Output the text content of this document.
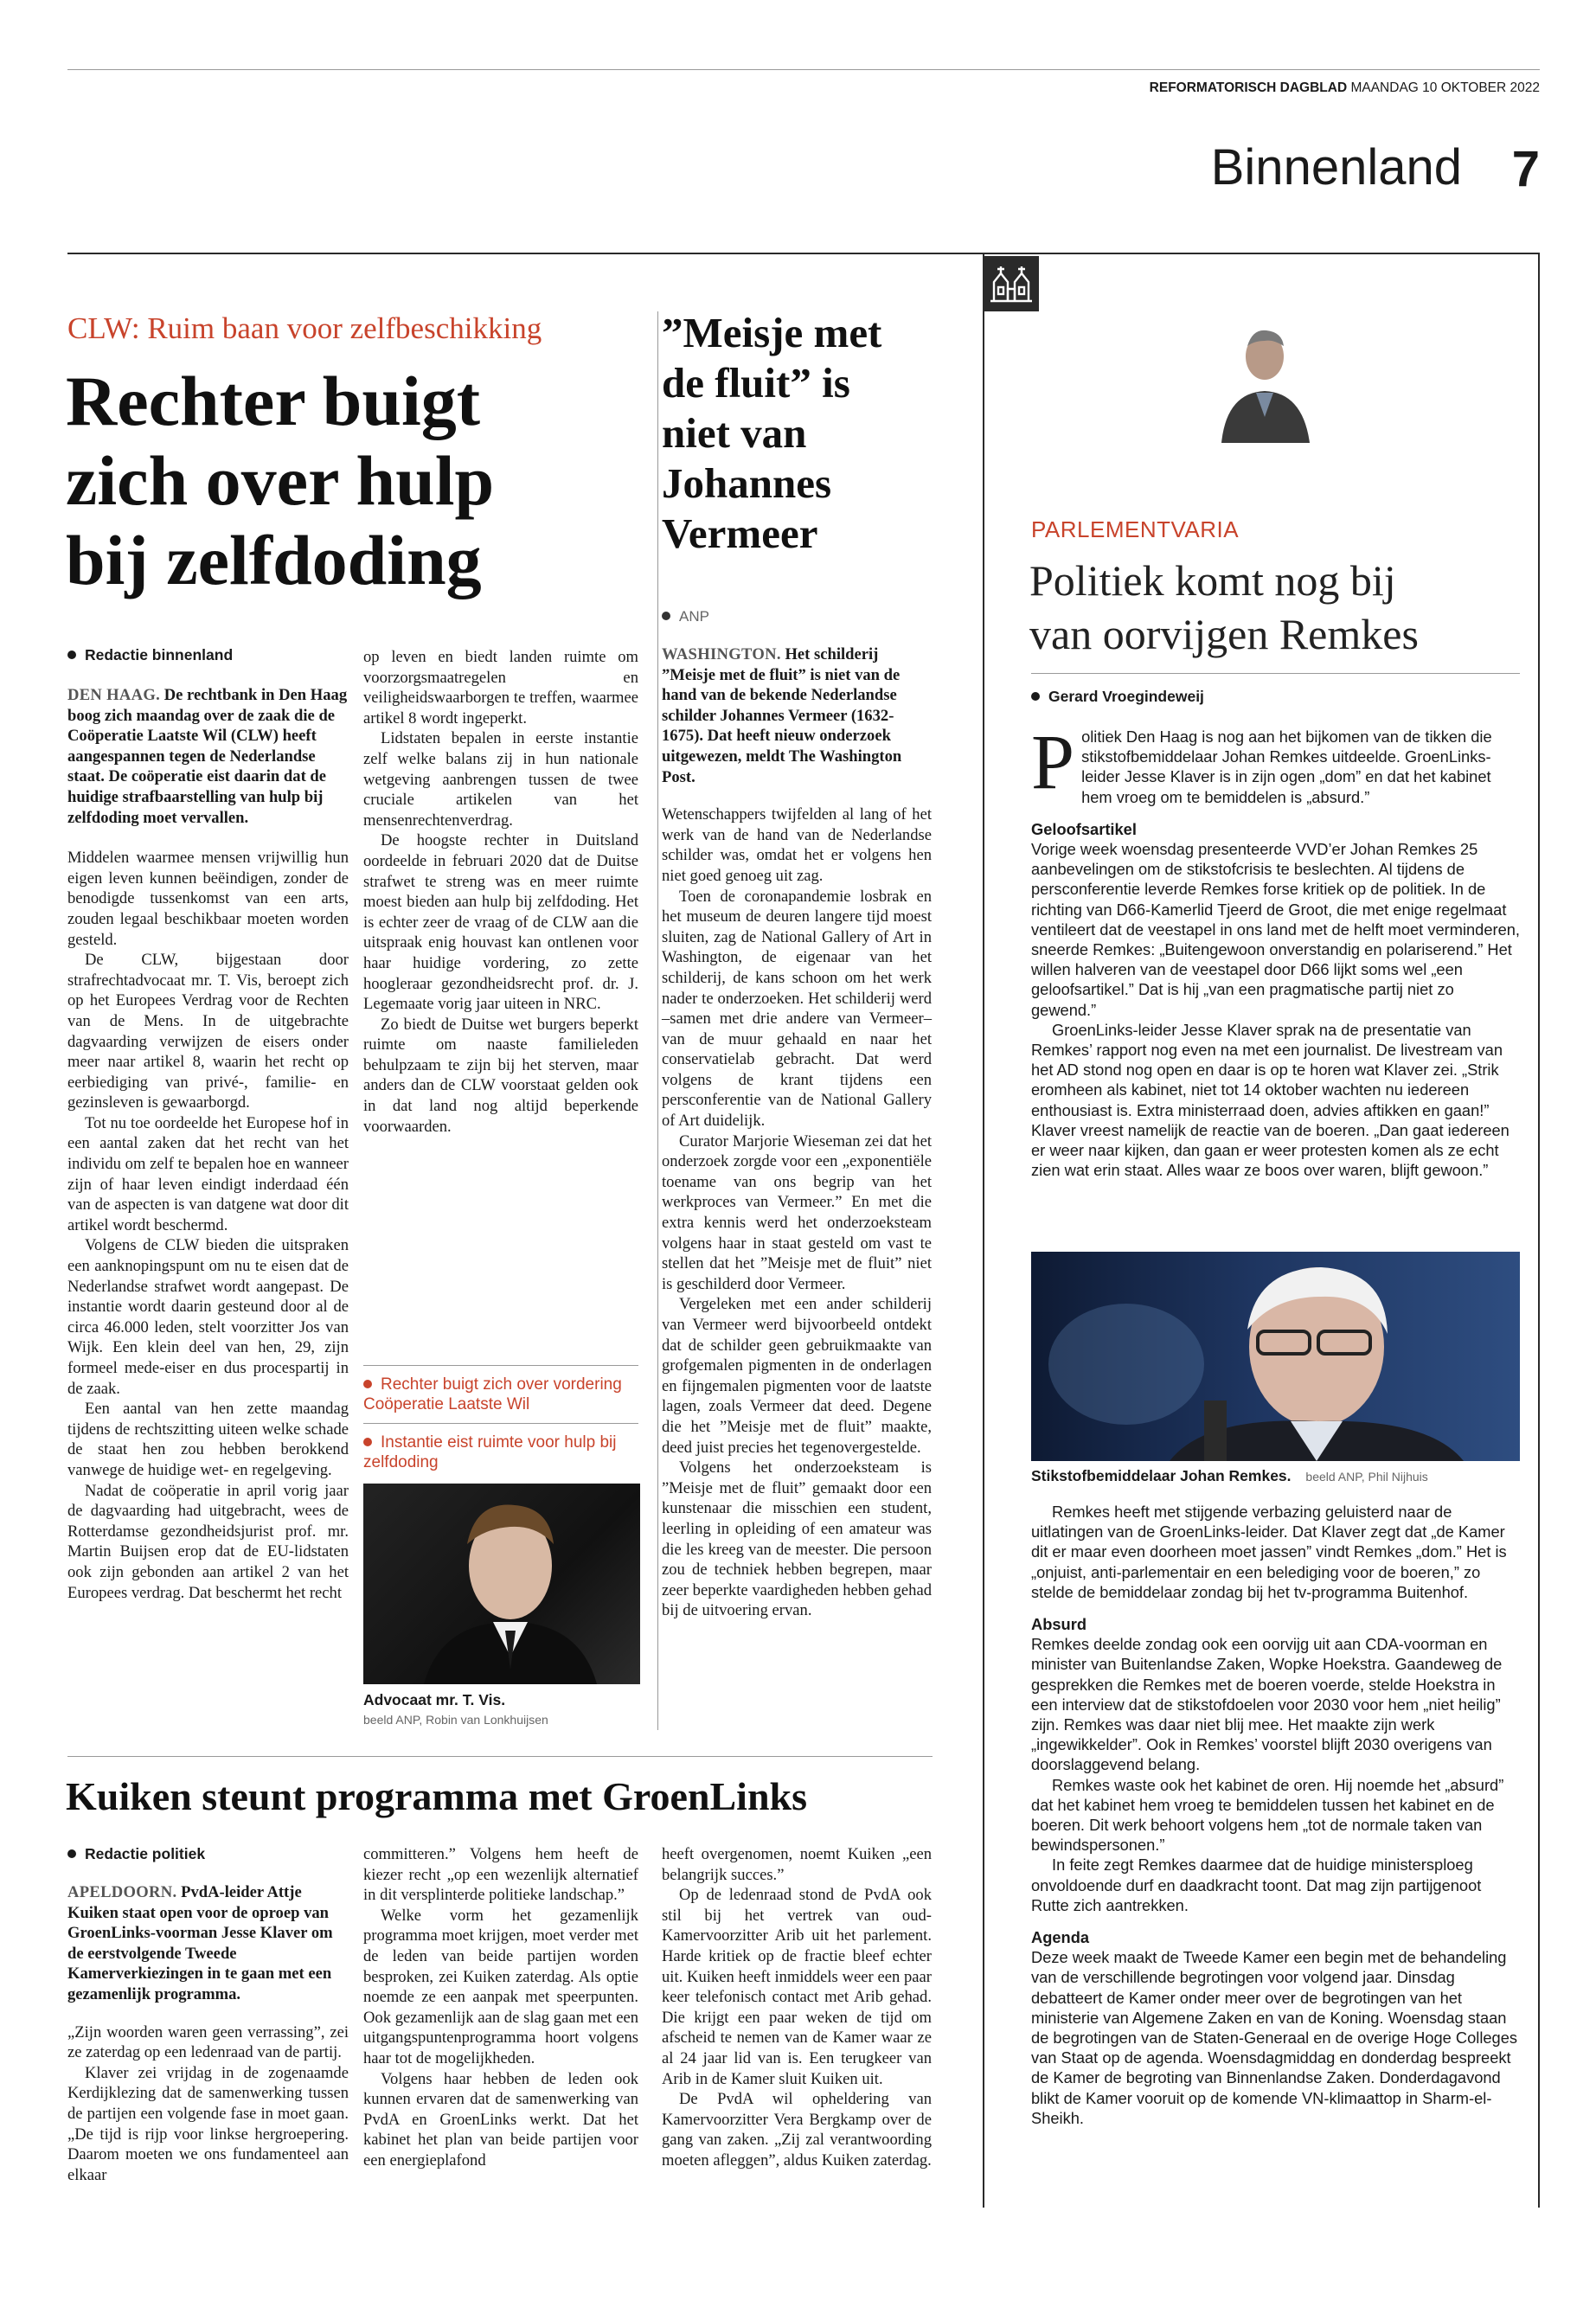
REFORMATORISCH DAGBLAD MAANDAG 10 OKTOBER 2022
Binnenland 7
CLW: Ruim baan voor zelfbeschikking
Rechter buigt
zich over hulp
bij zelfdoding
Redactie binnenland
DEN HAAG. De rechtbank in Den Haag boog zich maandag over de zaak die de Coöperatie Laatste Wil (CLW) heeft aangespannen tegen de Nederlandse staat. De coöperatie eist daarin dat de huidige strafbaarstelling van hulp bij zelfdoding moet vervallen.

Middelen waarmee mensen vrijwillig hun eigen leven kunnen beëindigen, zonder de benodigde tussenkomst van een arts, zouden legaal beschikbaar moeten worden gesteld.

De CLW, bijgestaan door strafrechtadvocaat mr. T. Vis, beroept zich op het Europees Verdrag voor de Rechten van de Mens. In de uitgebrachte dagvaarding verwijzen de eisers onder meer naar artikel 8, waarin het recht op eerbiediging van privé-, familie- en gezinsleven is gewaarborgd.

Tot nu toe oordeelde het Europese hof in een aantal zaken dat het recht van het individu om zelf te bepalen hoe en wanneer zijn of haar leven eindigt inderdaad één van de aspecten is van datgene wat door dit artikel wordt beschermd.

Volgens de CLW bieden die uitspraken een aanknopingspunt om nu te eisen dat de Nederlandse strafwet wordt aangepast. De instantie wordt daarin gesteund door al de circa 46.000 leden, stelt voorzitter Jos van Wijk. Een klein deel van hen, 29, zijn formeel mede-eiser en dus procespartij in de zaak.

Een aantal van hen zette maandag tijdens de rechtszitting uiteen welke schade de staat hen zou hebben berokkend vanwege de huidige wet- en regelgeving.

Nadat de coöperatie in april vorig jaar de dagvaarding had uitgebracht, wees de Rotterdamse gezondheidsjurist prof. mr. Martin Buijsen erop dat de EU-lidstaten ook zijn gebonden aan artikel 2 van het Europees verdrag. Dat beschermt het recht

op leven en biedt landen ruimte om voorzorgsmaatregelen en veiligheidswaarborgen te treffen, waarmee artikel 8 wordt ingeperkt.

Lidstaten bepalen in eerste instantie zelf welke balans zij in hun nationale wetgeving aanbrengen tussen de twee cruciale artikelen van het mensenrechtenverdrag.

De hoogste rechter in Duitsland oordeelde in februari 2020 dat de Duitse strafwet te streng was en meer ruimte moest bieden aan hulp bij zelfdoding. Het is echter zeer de vraag of de CLW aan die uitspraak enig houvast kan ontlenen voor haar huidige vordering, zo zette hoogleraar gezondheidsrecht prof. dr. J. Legemaate vorig jaar uiteen in NRC.

Zo biedt de Duitse wet burgers beperkt ruimte om naaste familieleden behulpzaam te zijn bij het sterven, maar anders dan de CLW voorstaat gelden ook in dat land nog altijd beperkende voorwaarden.

Rechter buigt zich over vordering Coöperatie Laatste Wil
Instantie eist ruimte voor hulp bij zelfdoding
Advocaat mr. T. Vis.
beeld ANP, Robin van Lonkhuijsen
”Meisje met
de fluit” is
niet van
Johannes
Vermeer
ANP
WASHINGTON. Het schilderij ”Meisje met de fluit” is niet van de hand van de bekende Nederlandse schilder Johannes Vermeer (1632-1675). Dat heeft nieuw onderzoek uitgewezen, meldt The Washington Post.

Wetenschappers twijfelden al lang of het werk van de hand van de Nederlandse schilder was, omdat het er volgens hen niet goed genoeg uit zag.

Toen de coronapandemie losbrak en het museum de deuren langere tijd moest sluiten, zag de National Gallery of Art in Washington, de eigenaar van het schilderij, de kans schoon om het werk nader te onderzoeken. Het schilderij werd –samen met drie andere van Vermeer– van de muur gehaald en naar het conservatielab gebracht. Dat werd volgens de krant tijdens een persconferentie van de National Gallery of Art duidelijk.

Curator Marjorie Wieseman zei dat het onderzoek zorgde voor een „exponentiële toename van ons begrip van het werkproces van Vermeer.” En met die extra kennis werd het onderzoeksteam volgens haar in staat gesteld om vast te stellen dat het ”Meisje met de fluit” niet is geschilderd door Vermeer.

Vergeleken met een ander schilderij van Vermeer werd bijvoorbeeld ontdekt dat de schilder geen gebruikmaakte van grofgemalen pigmenten in de onderlagen en fijngemalen pigmenten voor de laatste lagen, zoals Vermeer dat deed. Degene die het ”Meisje met de fluit” maakte, deed juist precies het tegenovergestelde.

Volgens het onderzoeksteam is ”Meisje met de fluit” gemaakt door een kunstenaar die misschien een student, leerling in opleiding of een amateur was die les kreeg van de meester. Die persoon zou de techniek hebben begrepen, maar zeer beperkte vaardigheden hebben gehad bij de uitvoering ervan.

PARLEMENTVARIA
Politiek komt nog bij
van oorvijgen Remkes
Gerard Vroegindeweij
P olitiek Den Haag is nog aan het bijkomen van de tikken die stikstofbemiddelaar Johan Remkes uitdeelde. GroenLinks-leider Jesse Klaver is in zijn ogen „dom” en dat het kabinet hem vroeg om te bemiddelen is „absurd.”
Geloofsartikel

Vorige week woensdag presenteerde VVD’er Johan Remkes 25 aanbevelingen om de stikstofcrisis te beslechten. Al tijdens de persconferentie leverde Remkes forse kritiek op de politiek. In de richting van D66-Kamerlid Tjeerd de Groot, die met enige regelmaat ventileert dat de veestapel in ons land met de helft moet verminderen, sneerde Remkes: „Buitengewoon onverstandig en polariserend.” Het willen halveren van de veestapel door D66 lijkt soms wel „een geloofsartikel.” Dat is hij „van een pragmatische partij niet zo gewend.”

GroenLinks-leider Jesse Klaver sprak na de presentatie van Remkes’ rapport nog even na met een journalist. De livestream van het AD stond nog open en daar is op te horen wat Klaver zei. „Strik eromheen als kabinet, niet tot 14 oktober wachten nu iedereen enthousiast is. Extra ministerraad doen, advies aftikken en gaan!” Klaver vreest namelijk de reactie van de boeren. „Dan gaat iedereen er weer naar kijken, dan gaan er weer protesten komen als ze echt zien wat erin staat. Alles waar ze boos over waren, blijft gewoon.”

Stikstofbemiddelaar Johan Remkes. beeld ANP, Phil Nijhuis

Remkes heeft met stijgende verbazing geluisterd naar de uitlatingen van de GroenLinks-leider. Dat Klaver zegt dat „de Kamer dit er maar even doorheen moet jassen” vindt Remkes „dom.” Het is „onjuist, anti-parlementair en een belediging voor de boeren,” zo stelde de bemiddelaar zondag bij het tv-programma Buitenhof.

Absurd

Remkes deelde zondag ook een oorvijg uit aan CDA-voorman en minister van Buitenlandse Zaken, Wopke Hoekstra. Gaandeweg de gesprekken die Remkes met de boeren voerde, stelde Hoekstra in een interview dat de stikstofdoelen voor 2030 voor hem „niet heilig” zijn. Remkes was daar niet blij mee. Het maakte zijn werk „ingewikkelder”. Ook in Remkes’ voorstel blijft 2030 overigens van doorslaggevend belang.

Remkes waste ook het kabinet de oren. Hij noemde het „absurd” dat het kabinet hem vroeg te bemiddelen tussen het kabinet en de boeren. Dit werk behoort volgens hem „tot de normale taken van bewindspersonen.”

In feite zegt Remkes daarmee dat de huidige ministersploeg onvoldoende durf en daadkracht toont. Dat mag zijn partijgenoot Rutte zich aantrekken.

Agenda

Deze week maakt de Tweede Kamer een begin met de behandeling van de verschillende begrotingen voor volgend jaar. Dinsdag debatteert de Kamer onder meer over de begrotingen van het ministerie van Algemene Zaken en van de Koning. Woensdag staan de begrotingen van de Staten-Generaal en de overige Hoge Colleges van Staat op de agenda. Woensdagmiddag en donderdag bespreekt de Kamer de begroting van Binnenlandse Zaken. Donderdagavond blikt de Kamer vooruit op de komende VN-klimaattop in Sharm-el-Sheikh.

Kuiken steunt programma met GroenLinks
Redactie politiek
APELDOORN. PvdA-leider Attje Kuiken staat open voor de oproep van GroenLinks-voorman Jesse Klaver om de eerstvolgende Tweede Kamerverkiezingen in te gaan met een gezamenlijk programma.

„Zijn woorden waren geen verrassing”, zei ze zaterdag op een ledenraad van de partij.

Klaver zei vrijdag in de zogenaamde Kerdijklezing dat de samenwerking tussen de partijen een volgende fase in moet gaan. „De tijd is rijp voor linkse hergroepering. Daarom moeten we ons fundamenteel aan elkaar

committeren.” Volgens hem heeft de kiezer recht „op een wezenlijk alternatief in dit versplinterde politieke landschap.”

Welke vorm het gezamenlijk programma moet krijgen, moet verder met de leden van beide partijen worden besproken, zei Kuiken zaterdag. Als optie noemde ze een aanpak met speerpunten. Ook gezamenlijk aan de slag gaan met een uitgangspuntenprogramma hoort volgens haar tot de mogelijkheden.

Volgens haar hebben de leden ook kunnen ervaren dat de samenwerking van PvdA en GroenLinks werkt. Dat het kabinet het plan van beide partijen voor een energieplafond

heeft overgenomen, noemt Kuiken „een belangrijk succes.”

Op de ledenraad stond de PvdA ook stil bij het vertrek van oud-Kamervoorzitter Arib uit het parlement. Harde kritiek op de fractie bleef echter uit. Kuiken heeft inmiddels weer een paar keer telefonisch contact met Arib gehad. Die krijgt een paar weken de tijd om afscheid te nemen van de Kamer waar ze al 24 jaar lid van is. Een terugkeer van Arib in de Kamer sluit Kuiken uit.

De PvdA wil opheldering van Kamervoorzitter Vera Bergkamp over de gang van zaken. „Zij zal verantwoording moeten afleggen”, aldus Kuiken zaterdag.
